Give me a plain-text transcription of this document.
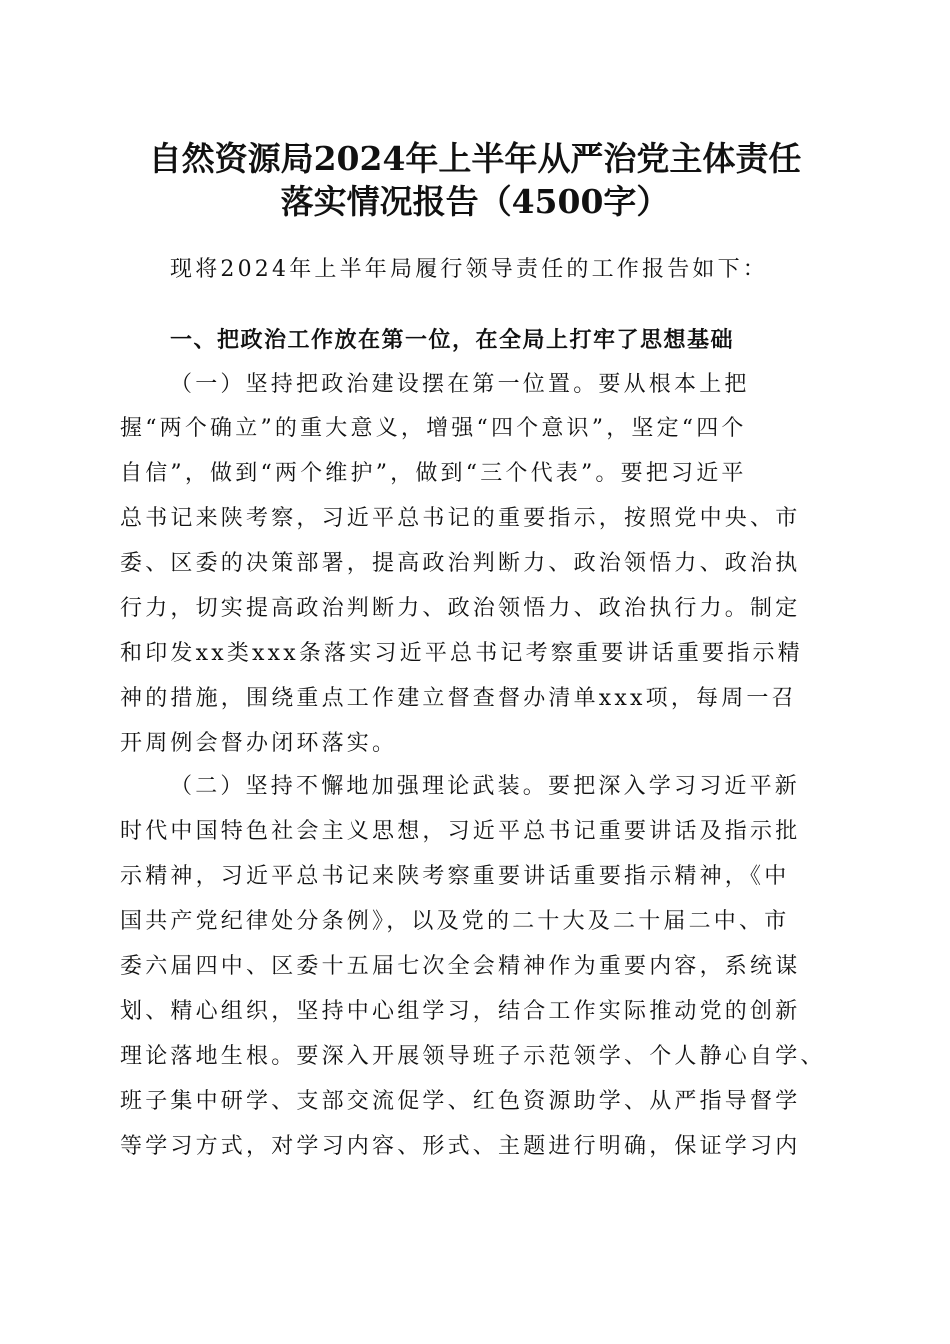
自然资源局2024年上半年从严治党主体责任
落实情况报告（4500字）
现将2024年上半年局履行领导责任的工作报告如下：
一、把政治工作放在第一位，在全局上打牢了思想基础
（一）坚持把政治建设摆在第一位置。要从根本上把
握“两个确立”的重大意义，增强“四个意识”，坚定“四个
自信”，做到“两个维护”，做到“三个代表”。要把习近平
总书记来陕考察，习近平总书记的重要指示，按照党中央、市
委、区委的决策部署，提高政治判断力、政治领悟力、政治执
行力，切实提高政治判断力、政治领悟力、政治执行力。制定
和印发xx类xxx条落实习近平总书记考察重要讲话重要指示精
神的措施，围绕重点工作建立督查督办清单xxx项，每周一召
开周例会督办闭环落实。
（二）坚持不懈地加强理论武装。要把深入学习习近平新
时代中国特色社会主义思想，习近平总书记重要讲话及指示批
示精神，习近平总书记来陕考察重要讲话重要指示精神，《中
国共产党纪律处分条例》，以及党的二十大及二十届二中、市
委六届四中、区委十五届七次全会精神作为重要内容，系统谋
划、精心组织，坚持中心组学习，结合工作实际推动党的创新
理论落地生根。要深入开展领导班子示范领学、个人静心自学、
班子集中研学、支部交流促学、红色资源助学、从严指导督学
等学习方式，对学习内容、形式、主题进行明确，保证学习内
